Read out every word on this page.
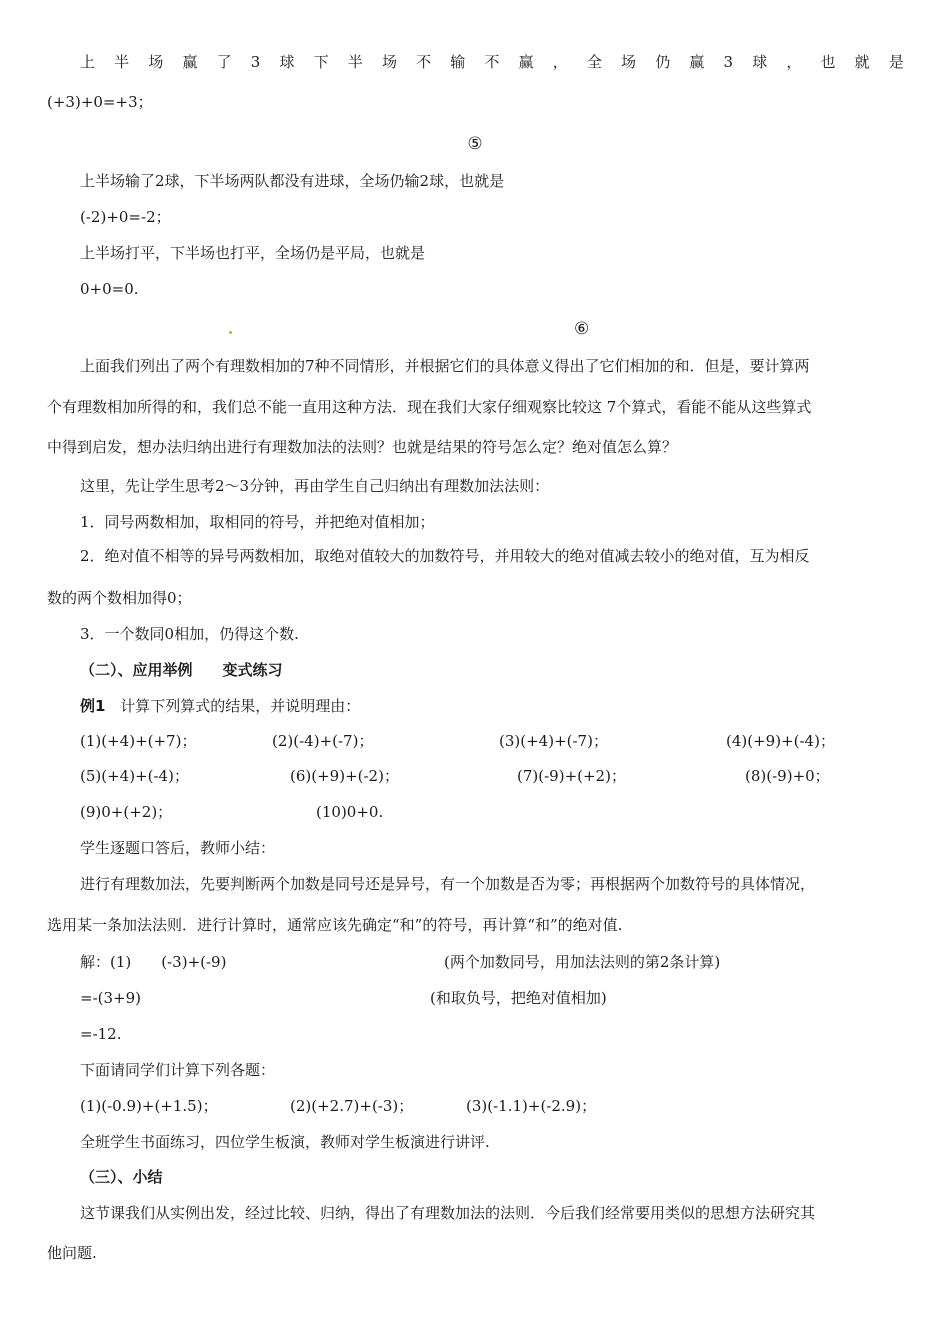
上 半 场 赢 了 3 球 下 半 场 不 输 不 赢 ， 全 场 仍 赢 3 球 ， 也 就 是
(+3)+0=+3；
⑤
上半场输了2球，下半场两队都没有进球，全场仍输2球，也就是
(-2)+0=-2；
上半场打平，下半场也打平，全场仍是平局，也就是
0+0=0.
⑥
上面我们列出了两个有理数相加的7种不同情形，并根据它们的具体意义得出了它们相加的和．但是，要计算两
个有理数相加所得的和，我们总不能一直用这种方法．现在我们大家仔细观察比较这 7个算式，看能不能从这些算式
中得到启发，想办法归纳出进行有理数加法的法则？也就是结果的符号怎么定？绝对值怎么算？
这里，先让学生思考2～3分钟，再由学生自己归纳出有理数加法法则：
1．同号两数相加，取相同的符号，并把绝对值相加；
2．绝对值不相等的异号两数相加，取绝对值较大的加数符号，并用较大的绝对值减去较小的绝对值，互为相反
数的两个数相加得0；
3．一个数同0相加，仍得这个数.
（二）、应用举例　　变式练习
例1 计算下列算式的结果，并说明理由：
(1)(+4)+(+7)；	(2)(-4)+(-7)；	(3)(+4)+(-7)；	(4)(+9)+(-4)；
(5)(+4)+(-4)；	(6)(+9)+(-2)；	(7)(-9)+(+2)；	(8)(-9)+0；
(9)0+(+2)；	(10)0+0.
学生逐题口答后，教师小结：
进行有理数加法，先要判断两个加数是同号还是异号，有一个加数是否为零；再根据两个加数符号的具体情况，
选用某一条加法法则．进行计算时，通常应该先确定“和”的符号，再计算“和”的绝对值.
解：(1)　　(-3)+(-9)	(两个加数同号，用加法法则的第2条计算)
=-(3+9)	(和取负号，把绝对值相加)
=-12.
下面请同学们计算下列各题：
(1)(-0.9)+(+1.5)；	(2)(+2.7)+(-3)；	(3)(-1.1)+(-2.9)；
全班学生书面练习，四位学生板演，教师对学生板演进行讲评.
（三）、小结
这节课我们从实例出发，经过比较、归纳，得出了有理数加法的法则．今后我们经常要用类似的思想方法研究其
他问题.
